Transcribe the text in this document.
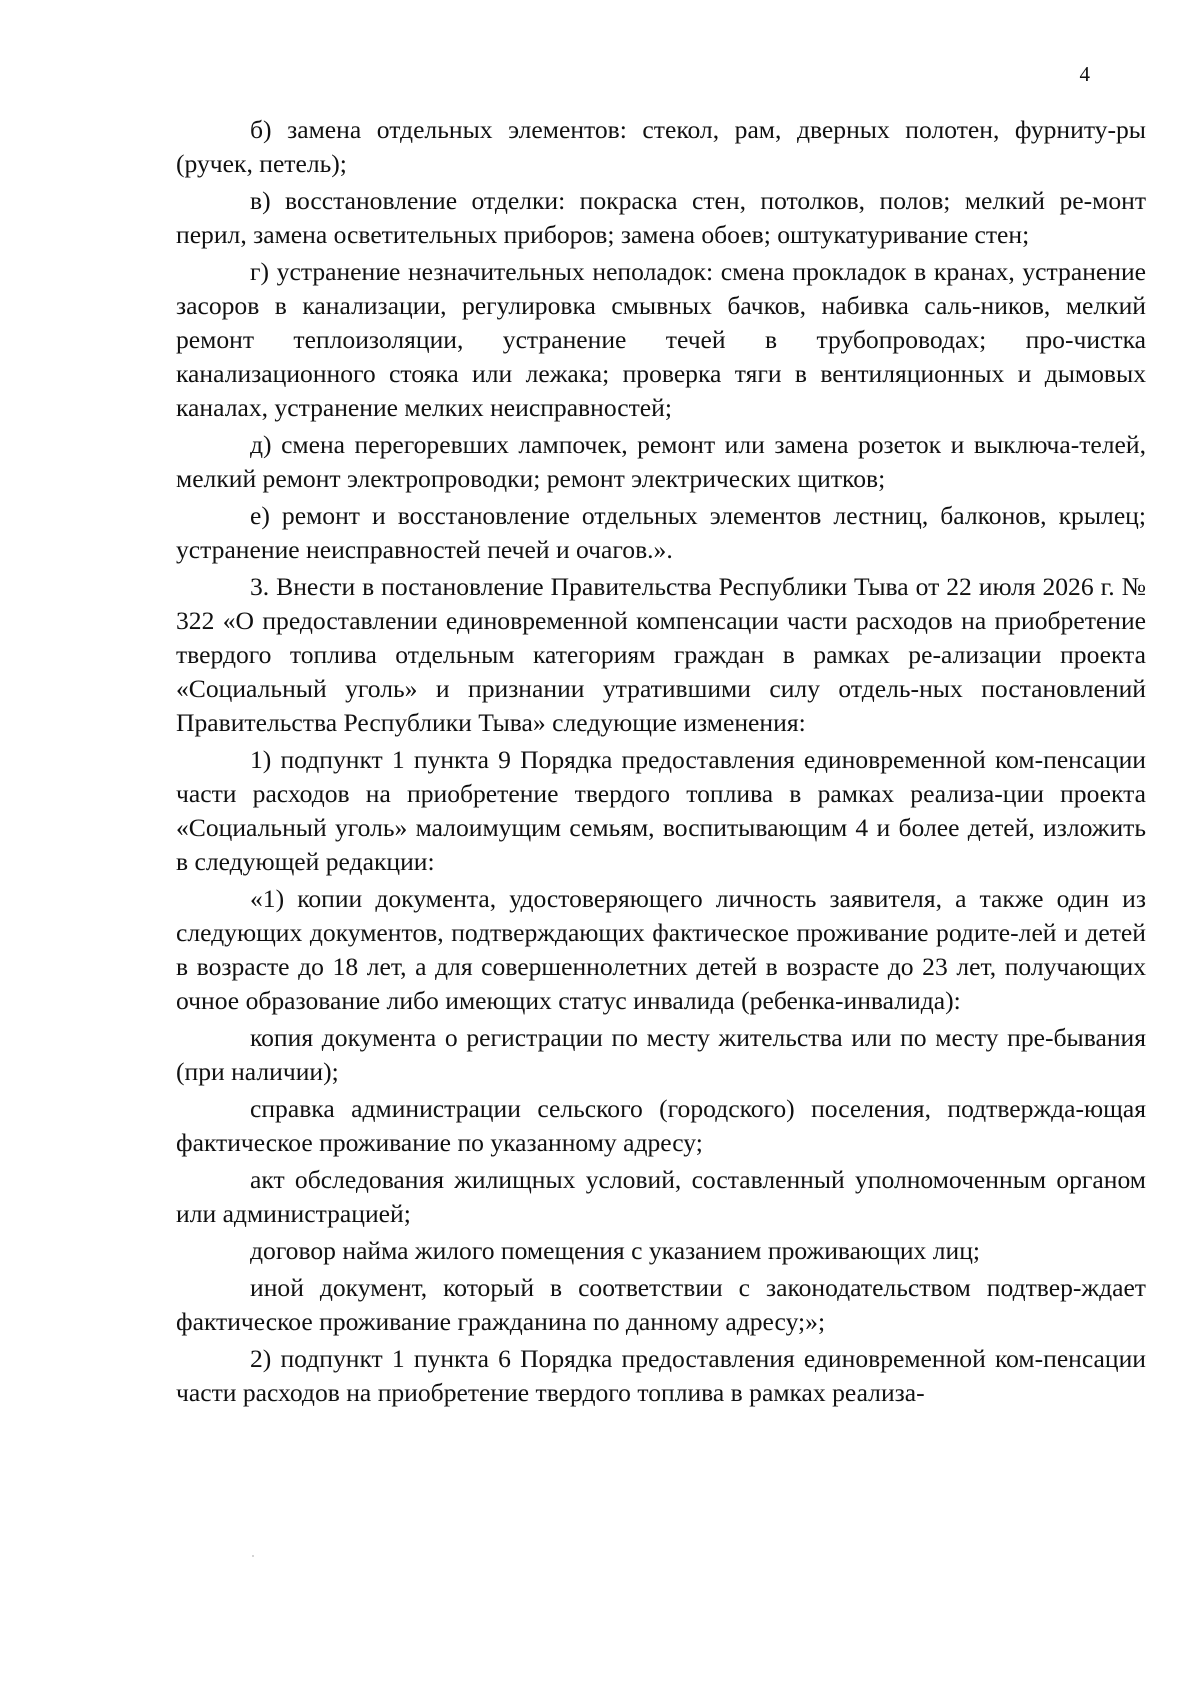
4

б) замена отдельных элементов: стекол, рам, дверных полотен, фурниту-ры (ручек, петель);

в) восстановление отделки: покраска стен, потолков, полов; мелкий ре-монт перил, замена осветительных приборов; замена обоев; оштукатуривание стен;

г) устранение незначительных неполадок: смена прокладок в кранах, устранение засоров в канализации, регулировка смывных бачков, набивка саль-ников, мелкий ремонт теплоизоляции, устранение течей в трубопроводах; про-чистка канализационного стояка или лежака; проверка тяги в вентиляционных и дымовых каналах, устранение мелких неисправностей;

д) смена перегоревших лампочек, ремонт или замена розеток и выключа-телей, мелкий ремонт электропроводки; ремонт электрических щитков;

е) ремонт и восстановление отдельных элементов лестниц, балконов, крылец; устранение неисправностей печей и очагов.».

3. Внести в постановление Правительства Республики Тыва от 22 июля 2026 г. № 322 «О предоставлении единовременной компенсации части расходов на приобретение твердого топлива отдельным категориям граждан в рамках ре-ализации проекта «Социальный уголь» и признании утратившими силу отдель-ных постановлений Правительства Республики Тыва» следующие изменения:

1) подпункт 1 пункта 9 Порядка предоставления единовременной ком-пенсации части расходов на приобретение твердого топлива в рамках реализа-ции проекта «Социальный уголь» малоимущим семьям, воспитывающим 4 и более детей, изложить в следующей редакции:

«1) копии документа, удостоверяющего личность заявителя, а также один из следующих документов, подтверждающих фактическое проживание родите-лей и детей в возрасте до 18 лет, а для совершеннолетних детей в возрасте до 23 лет, получающих очное образование либо имеющих статус инвалида (ребенка-инвалида):

копия документа о регистрации по месту жительства или по месту пре-бывания (при наличии);

справка администрации сельского (городского) поселения, подтвержда-ющая фактическое проживание по указанному адресу;

акт обследования жилищных условий, составленный уполномоченным органом или администрацией;

договор найма жилого помещения с указанием проживающих лиц;

иной документ, который в соответствии с законодательством подтвер-ждает фактическое проживание гражданина по данному адресу;»;

2) подпункт 1 пункта 6 Порядка предоставления единовременной ком-пенсации части расходов на приобретение твердого топлива в рамках реализа-
